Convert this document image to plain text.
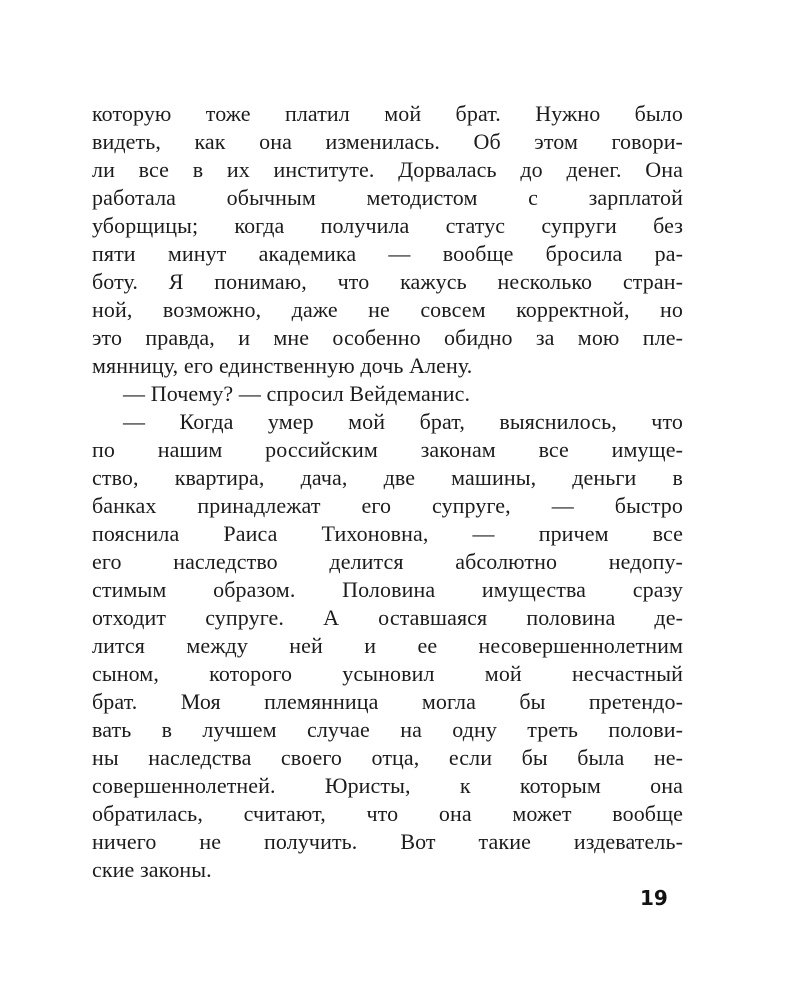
которую тоже платил мой брат. Нужно было
видеть, как она изменилась. Об этом говори-
ли все в их институте. Дорвалась до денег. Она
работала обычным методистом с зарплатой
уборщицы; когда получила статус супруги без
пяти минут академика — вообще бросила ра-
боту. Я понимаю, что кажусь несколько стран-
ной, возможно, даже не совсем корректной, но
это правда, и мне особенно обидно за мою пле-
мянницу, его единственную дочь Алену.
— Почему? — спросил Вейдеманис.
— Когда умер мой брат, выяснилось, что
по нашим российским законам все имуще-
ство, квартира, дача, две машины, деньги в
банках принадлежат его супруге, — быстро
пояснила Раиса Тихоновна, — причем все
его наследство делится абсолютно недопу-
стимым образом. Половина имущества сразу
отходит супруге. А оставшаяся половина де-
лится между ней и ее несовершеннолетним
сыном, которого усыновил мой несчастный
брат. Моя племянница могла бы претендо-
вать в лучшем случае на одну треть полови-
ны наследства своего отца, если бы была не-
совершеннолетней. Юристы, к которым она
обратилась, считают, что она может вообще
ничего не получить. Вот такие издеватель-
ские законы.
19
